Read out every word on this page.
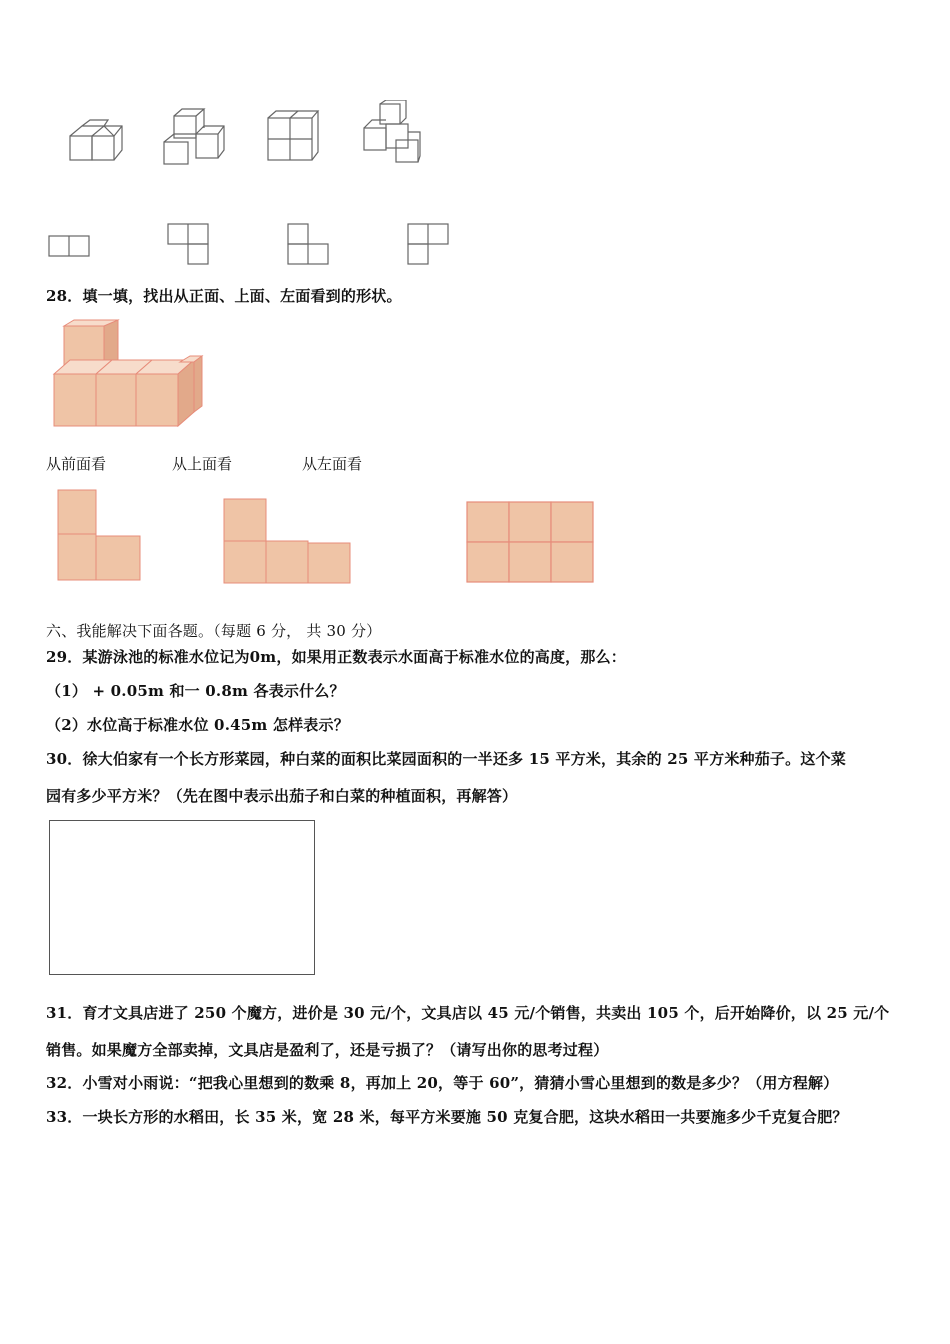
28．填一填，找出从正面、上面、左面看到的形状。
从前面看	从上面看	从左面看
六、我能解决下面各题。（每题 6 分， 共 30 分）
29．某游泳池的标准水位记为0m，如果用正数表示水面高于标准水位的高度，那么：
（1） + 0.05m 和一 0.8m 各表示什么？
（2）水位高于标准水位 0.45m 怎样表示？
30．徐大伯家有一个长方形菜园，种白菜的面积比菜园面积的一半还多 15 平方米，其余的 25 平方米种茄子。这个菜
园有多少平方米？（先在图中表示出茄子和白菜的种植面积，再解答）
31．育才文具店进了 250 个魔方，进价是 30 元/个，文具店以 45 元/个销售，共卖出 105 个，后开始降价，以 25 元/个
销售。如果魔方全部卖掉，文具店是盈利了，还是亏损了？（请写出你的思考过程）
32．小雪对小雨说：“把我心里想到的数乘 8，再加上 20，等于 60”，猜猜小雪心里想到的数是多少？（用方程解）
33．一块长方形的水稻田，长 35 米，宽 28 米，每平方米要施 50 克复合肥，这块水稻田一共要施多少千克复合肥？
